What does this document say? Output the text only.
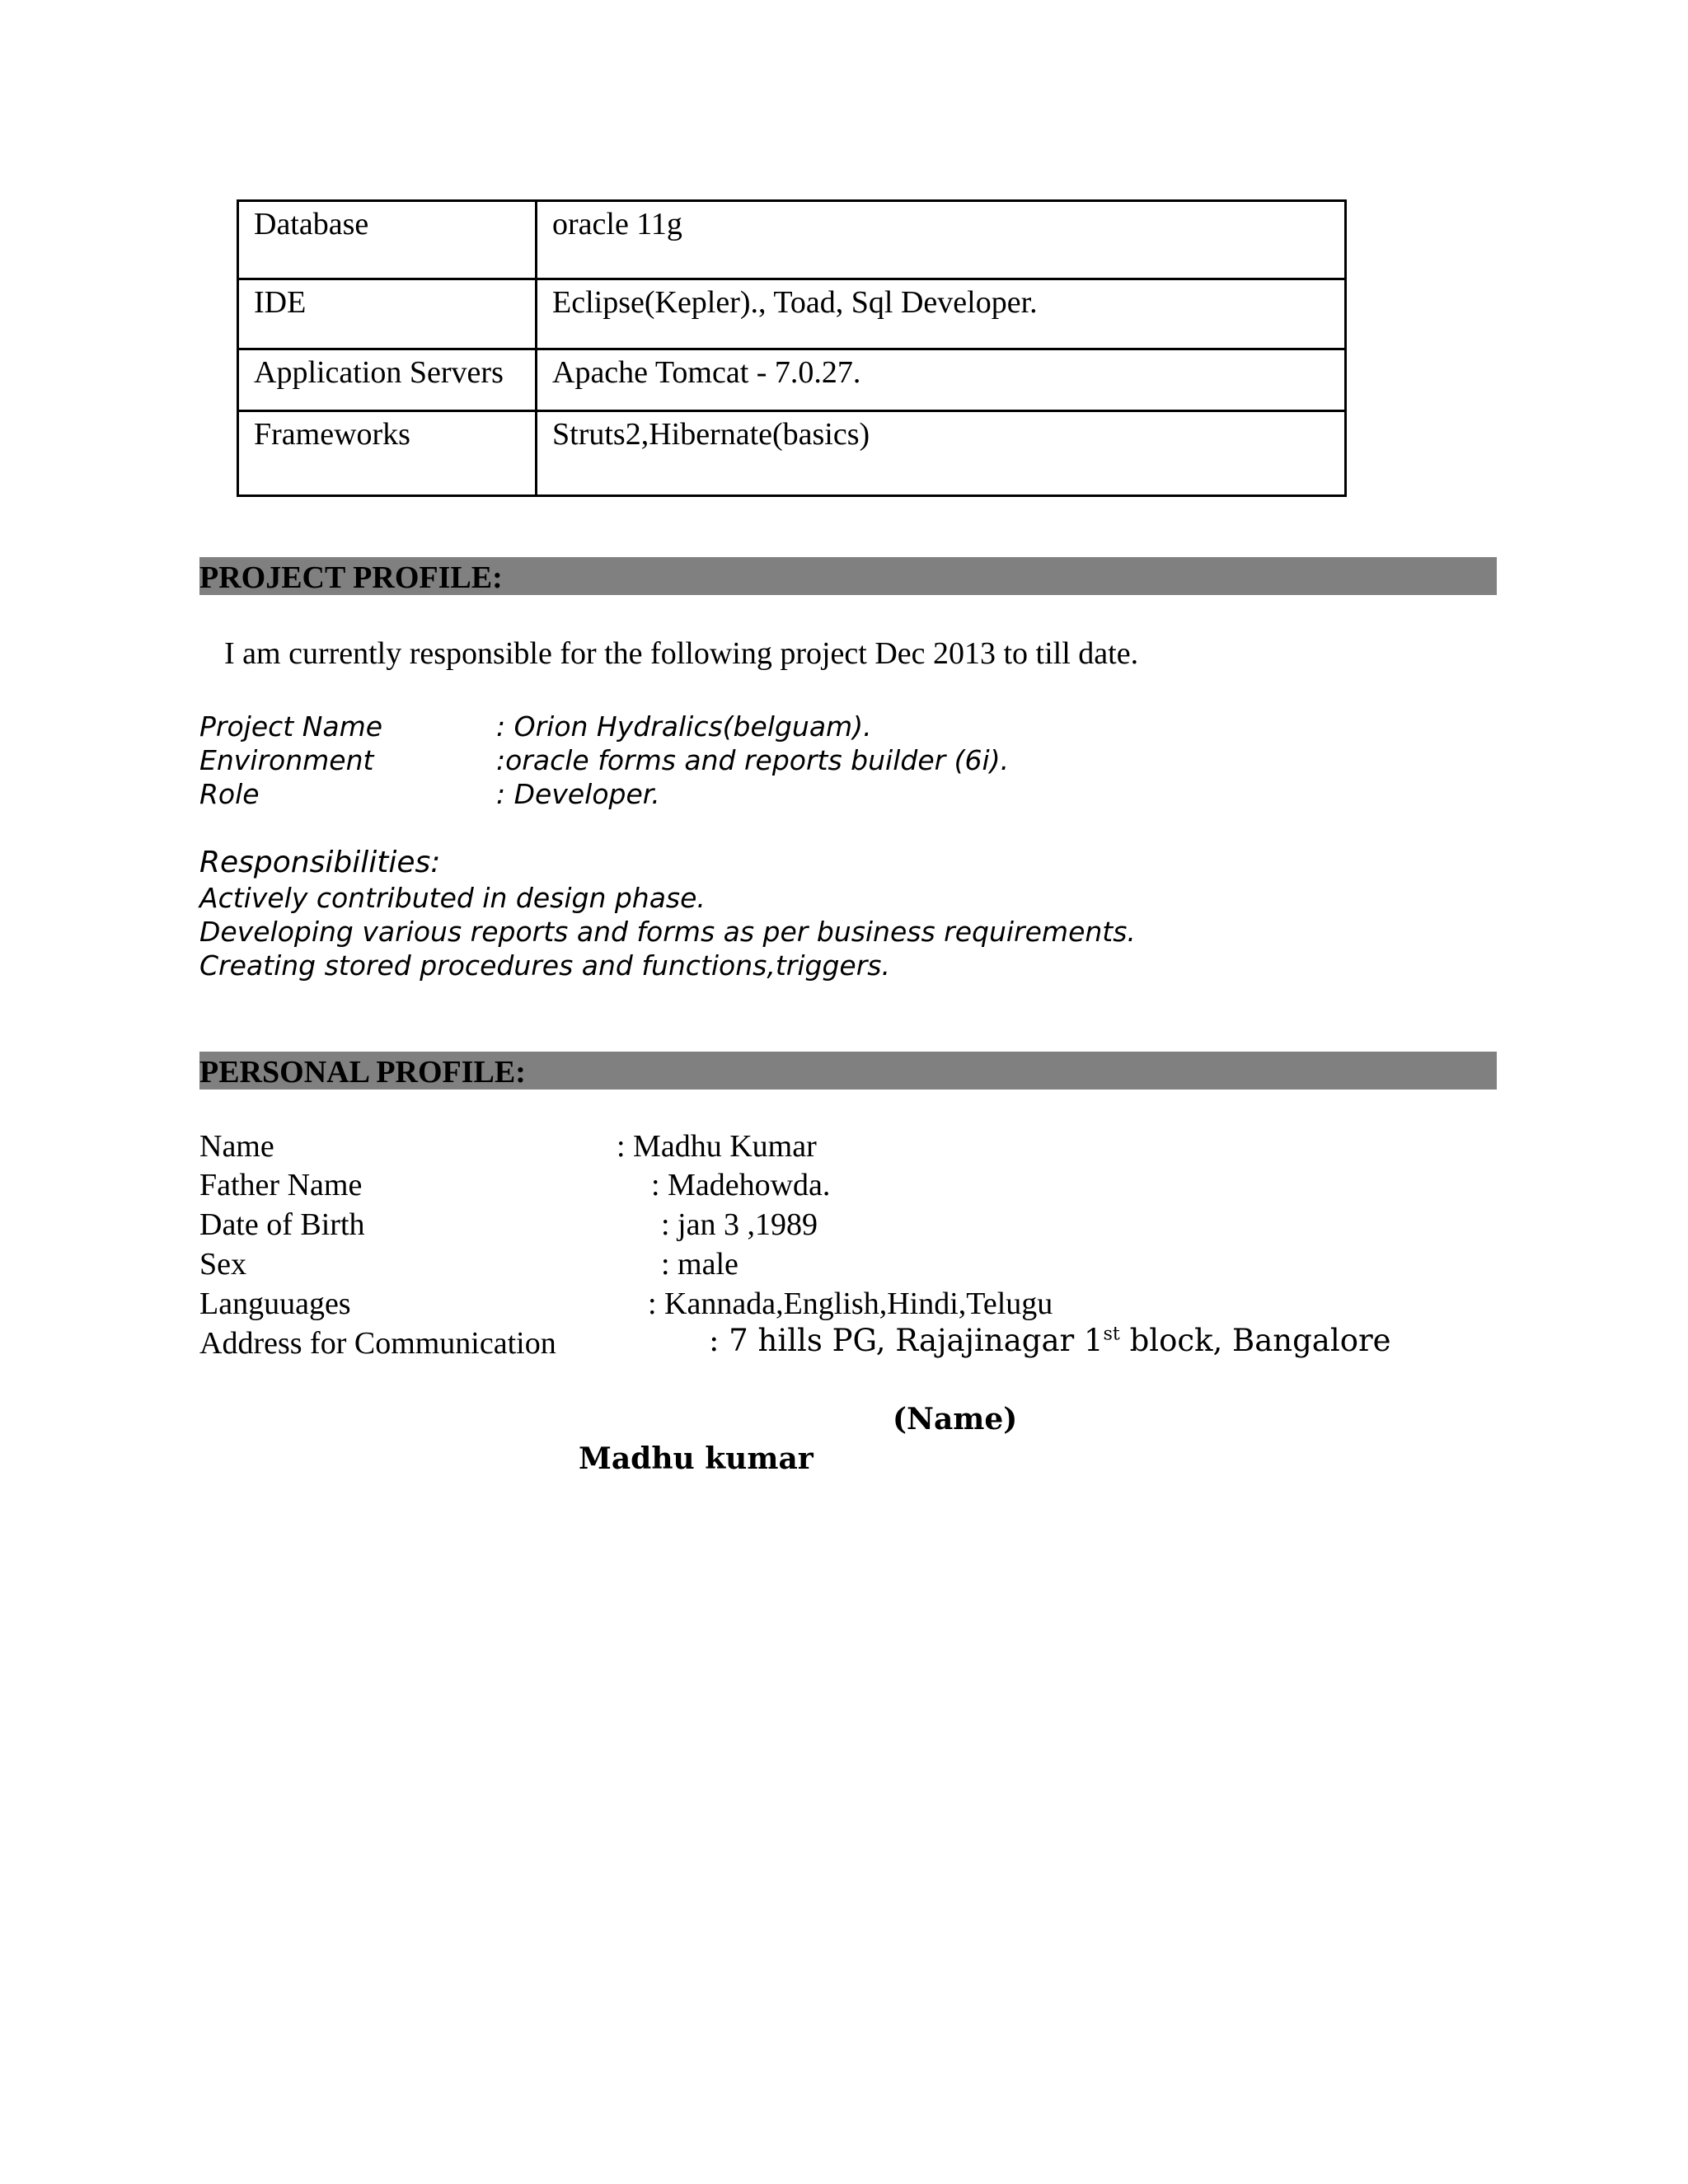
Database	oracle 11g
IDE	Eclipse(Kepler)., Toad, Sql Developer.
Application Servers	Apache Tomcat - 7.0.27.
Frameworks	Struts2,Hibernate(basics)
PROJECT PROFILE:
I am currently responsible for the following project Dec 2013 to till date.
Project Name	: Orion Hydralics(belguam).
Environment	:oracle forms and reports builder (6i).
Role	: Developer.
Responsibilities:
Actively contributed in design phase.
Developing various reports and forms as per business requirements.
Creating stored procedures and functions,triggers.
PERSONAL PROFILE:
Name	: Madhu Kumar
Father Name	: Madehowda.
Date of Birth	: jan 3 ,1989
Sex	: male
Languuages	: Kannada,English,Hindi,Telugu
Address for Communication	: 7 hills PG, Rajajinagar 1st block, Bangalore
(Name)
Madhu kumar
